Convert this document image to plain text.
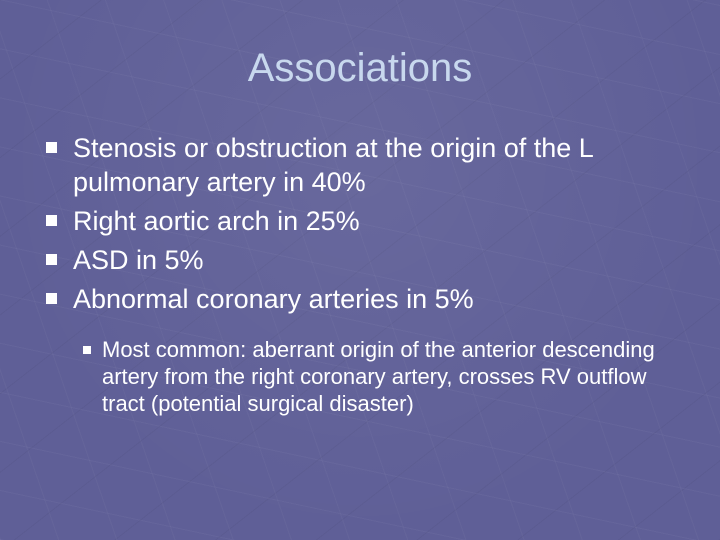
Associations
Stenosis or obstruction at the origin of the L pulmonary artery in 40%
Right aortic arch in 25%
ASD in 5%
Abnormal coronary arteries in 5%
Most common: aberrant origin of the anterior descending artery from the right coronary artery, crosses RV outflow tract (potential surgical disaster)
